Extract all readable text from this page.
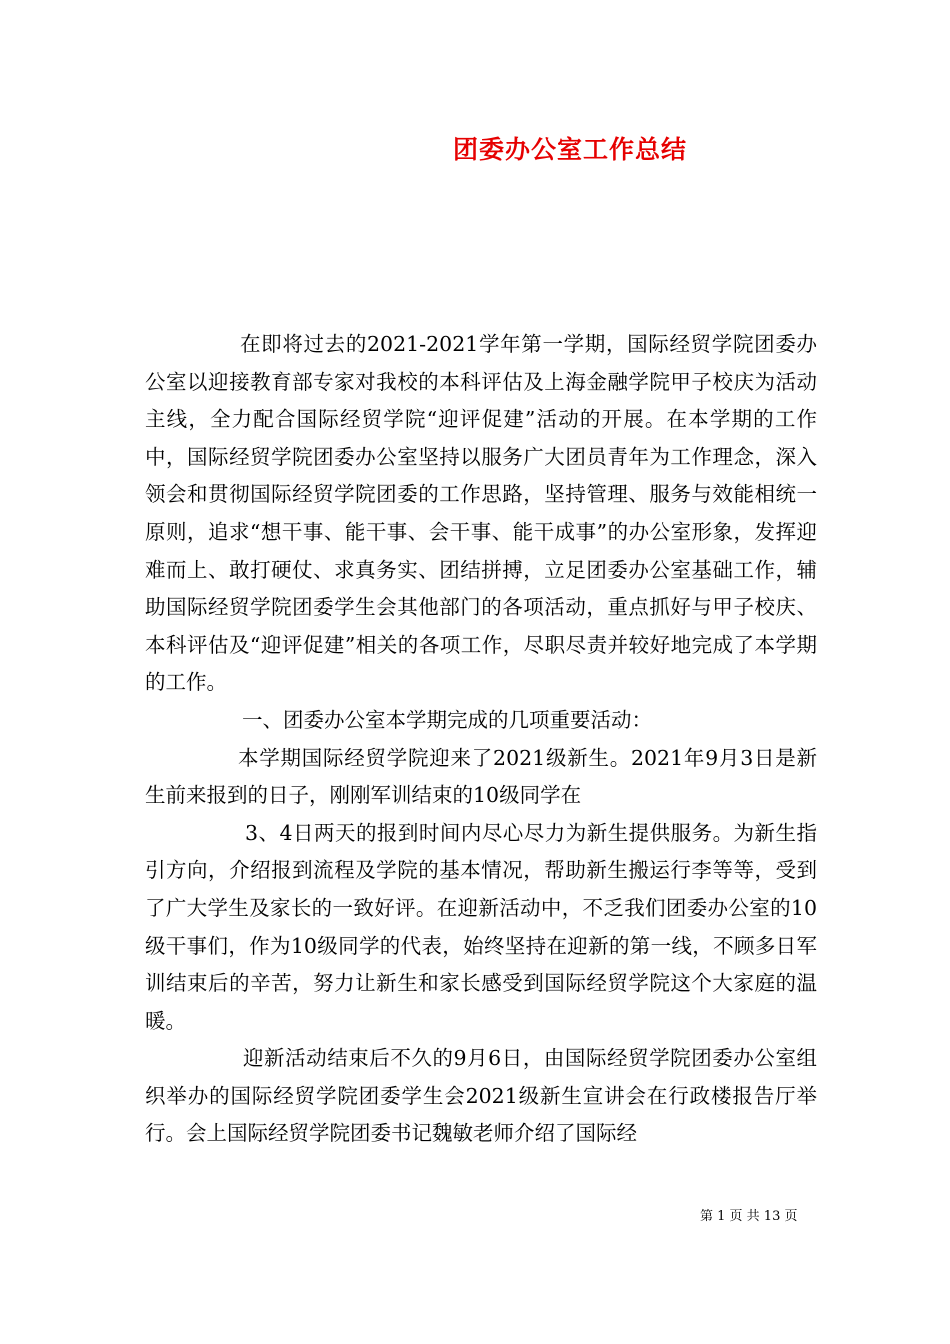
团委办公室工作总结

在即将过去的2021-2021学年第一学期，国际经贸学院团委办公室以迎接教育部专家对我校的本科评估及上海金融学院甲子校庆为活动主线，全力配合国际经贸学院“迎评促建”活动的开展。在本学期的工作中，国际经贸学院团委办公室坚持以服务广大团员青年为工作理念，深入领会和贯彻国际经贸学院团委的工作思路，坚持管理、服务与效能相统一原则，追求“想干事、能干事、会干事、能干成事”的办公室形象，发挥迎难而上、敢打硬仗、求真务实、团结拼搏，立足团委办公室基础工作，辅助国际经贸学院团委学生会其他部门的各项活动，重点抓好与甲子校庆、本科评估及“迎评促建”相关的各项工作，尽职尽责并较好地完成了本学期的工作。

一、团委办公室本学期完成的几项重要活动：

本学期国际经贸学院迎来了2021级新生。2021年9月3日是新生前来报到的日子，刚刚军训结束的10级同学在

3、4日两天的报到时间内尽心尽力为新生提供服务。为新生指引方向，介绍报到流程及学院的基本情况，帮助新生搬运行李等等，受到了广大学生及家长的一致好评。在迎新活动中，不乏我们团委办公室的10级干事们，作为10级同学的代表，始终坚持在迎新的第一线，不顾多日军训结束后的辛苦，努力让新生和家长感受到国际经贸学院这个大家庭的温暖。

迎新活动结束后不久的9月6日，由国际经贸学院团委办公室组织举办的国际经贸学院团委学生会2021级新生宣讲会在行政楼报告厅举行。会上国际经贸学院团委书记魏敏老师介绍了国际经

第 1 页 共 13 页
